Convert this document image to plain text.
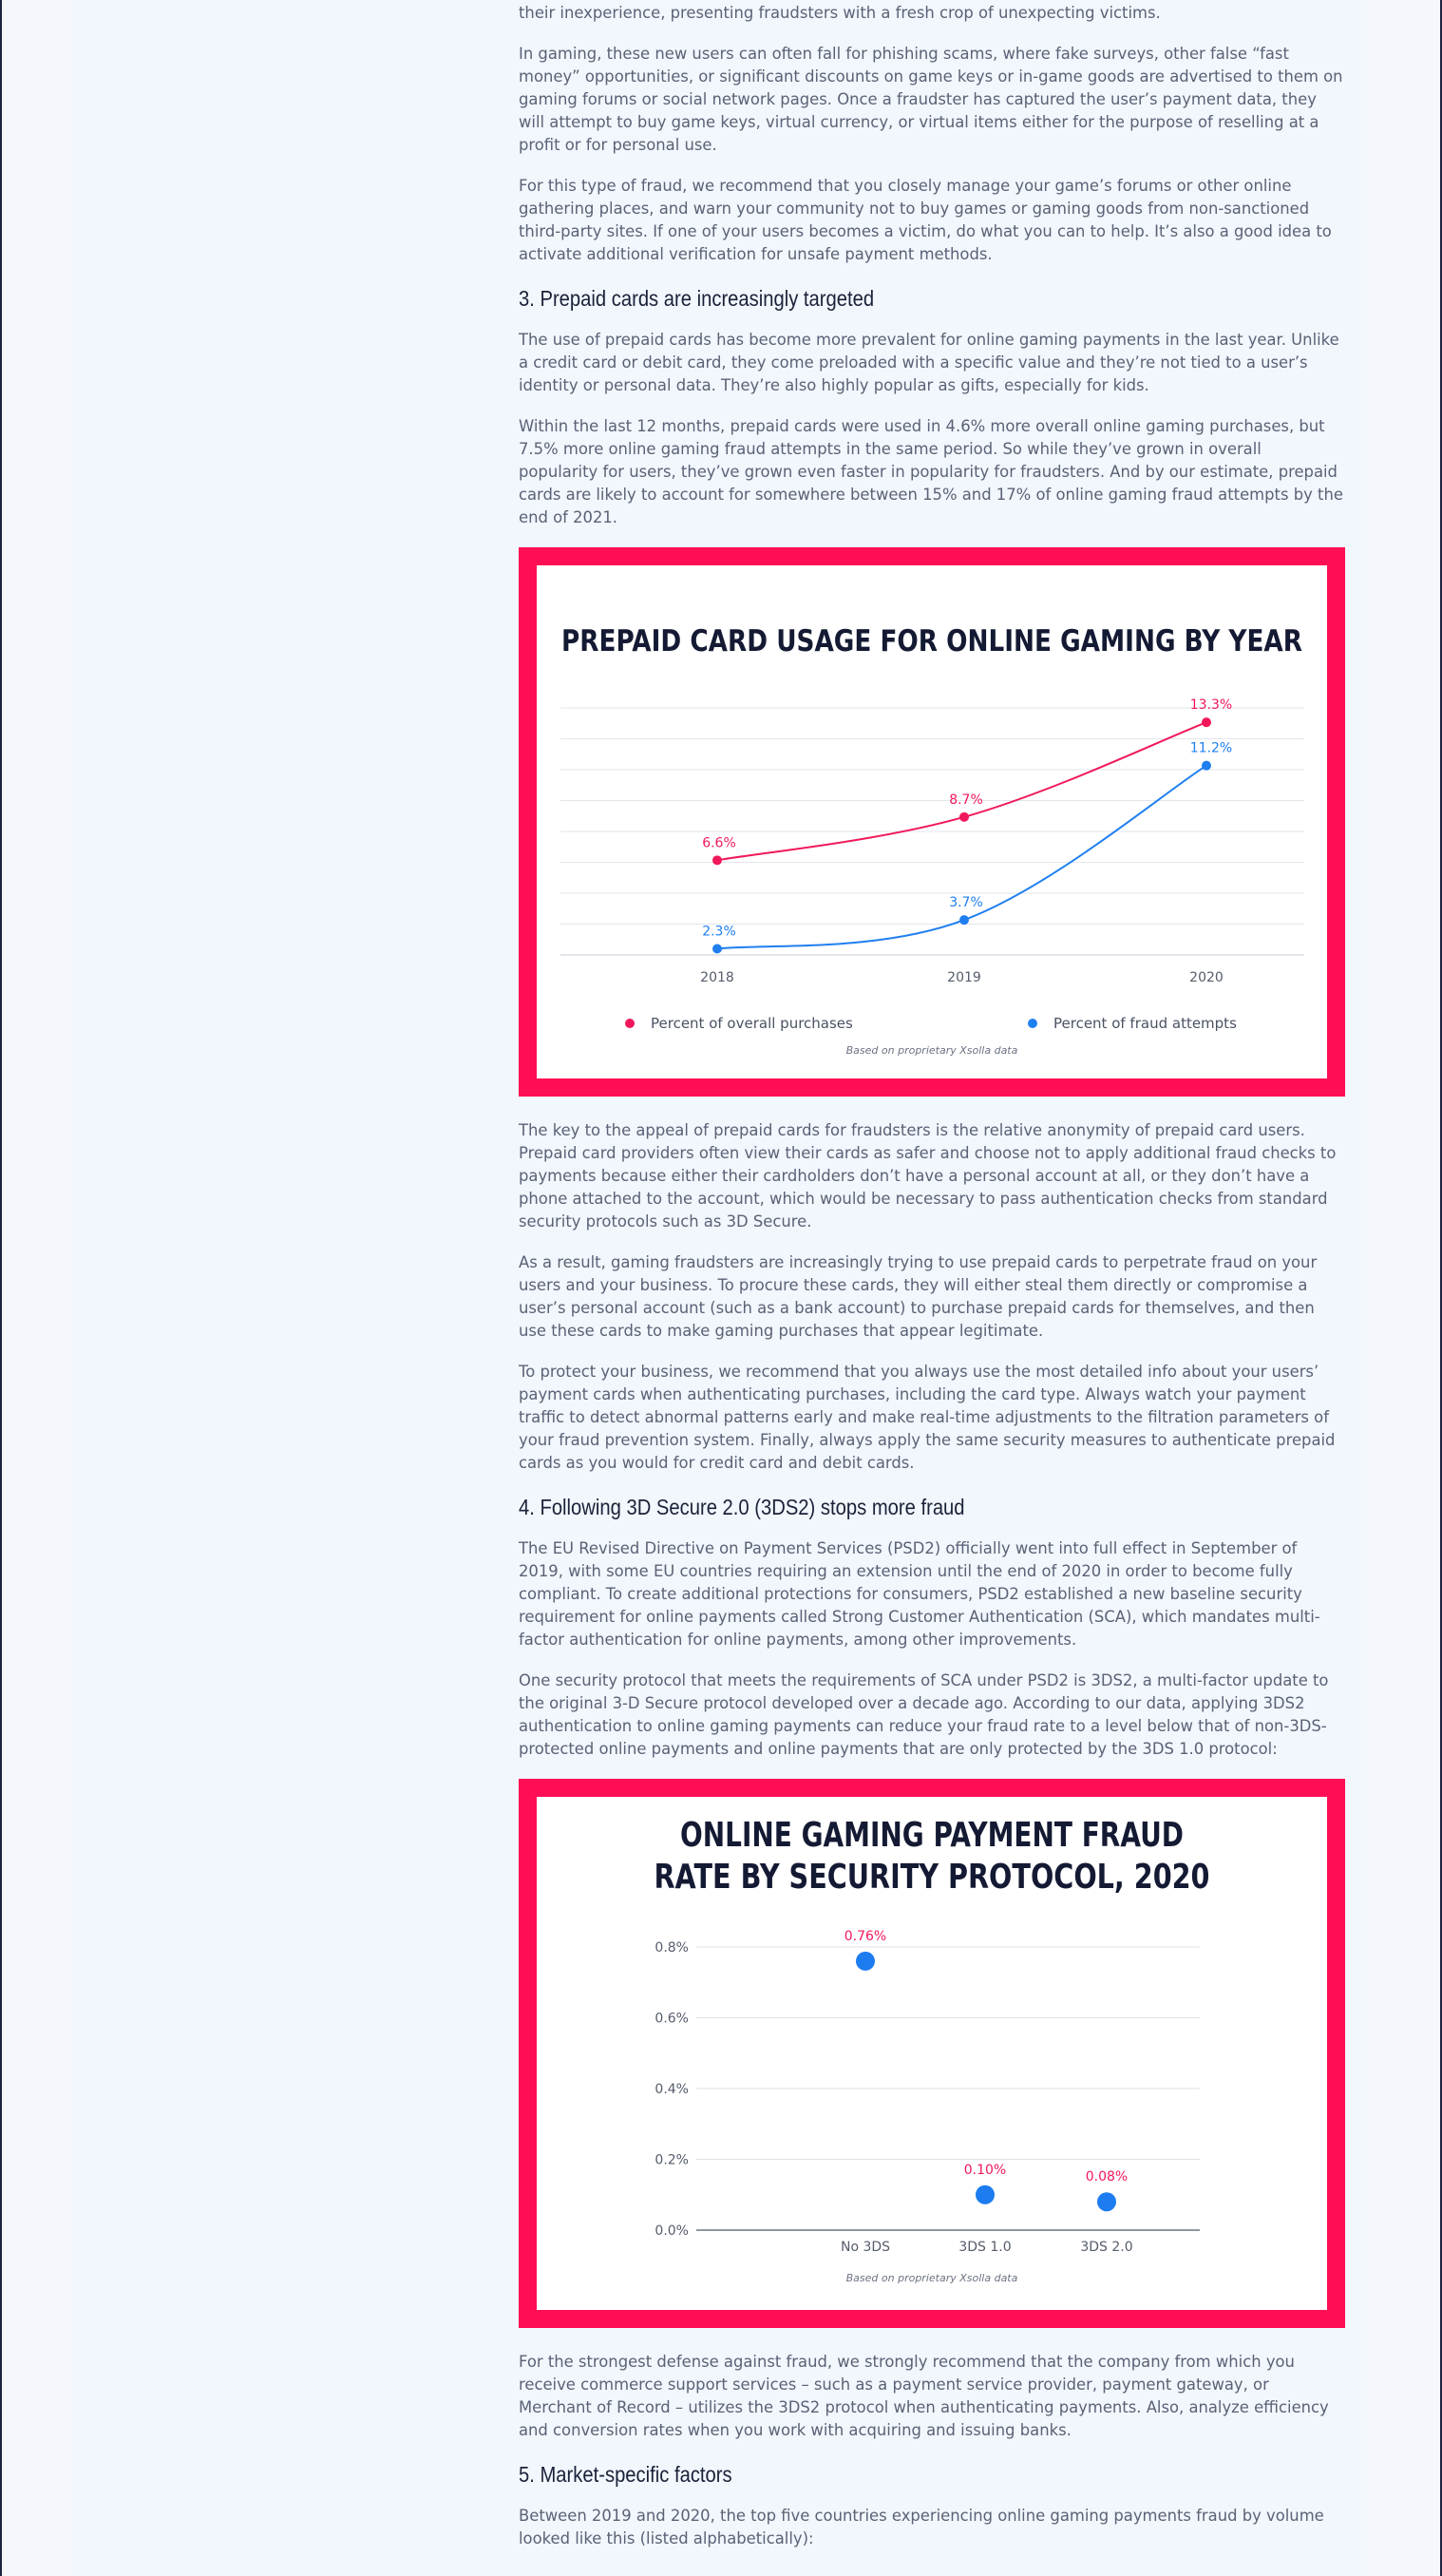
their inexperience, presenting fraudsters with a fresh crop of unexpecting victims.

In gaming, these new users can often fall for phishing scams, where fake surveys, other false “fast money” opportunities, or significant discounts on game keys or in-game goods are advertised to them on gaming forums or social network pages. Once a fraudster has captured the user’s payment data, they will attempt to buy game keys, virtual currency, or virtual items either for the purpose of reselling at a profit or for personal use.

For this type of fraud, we recommend that you closely manage your game’s forums or other online gathering places, and warn your community not to buy games or gaming goods from non-sanctioned third-party sites. If one of your users becomes a victim, do what you can to help. It’s also a good idea to activate additional verification for unsafe payment methods.

3. Prepaid cards are increasingly targeted

The use of prepaid cards has become more prevalent for online gaming payments in the last year. Unlike a credit card or debit card, they come preloaded with a specific value and they’re not tied to a user’s identity or personal data. They’re also highly popular as gifts, especially for kids.

Within the last 12 months, prepaid cards were used in 4.6% more overall online gaming purchases, but 7.5% more online gaming fraud attempts in the same period. So while they’ve grown in overall popularity for users, they’ve grown even faster in popularity for fraudsters. And by our estimate, prepaid cards are likely to account for somewhere between 15% and 17% of online gaming fraud attempts by the end of 2021.

PREPAID CARD USAGE FOR ONLINE GAMING BY YEAR
6.6%
8.7%
13.3%
2.3%
3.7%
11.2%
2018	2019	2020
Percent of overall purchases	Percent of fraud attempts
Based on proprietary Xsolla data

The key to the appeal of prepaid cards for fraudsters is the relative anonymity of prepaid card users. Prepaid card providers often view their cards as safer and choose not to apply additional fraud checks to payments because either their cardholders don’t have a personal account at all, or they don’t have a phone attached to the account, which would be necessary to pass authentication checks from standard security protocols such as 3D Secure.

As a result, gaming fraudsters are increasingly trying to use prepaid cards to perpetrate fraud on your users and your business. To procure these cards, they will either steal them directly or compromise a user’s personal account (such as a bank account) to purchase prepaid cards for themselves, and then use these cards to make gaming purchases that appear legitimate.

To protect your business, we recommend that you always use the most detailed info about your users’ payment cards when authenticating purchases, including the card type. Always watch your payment traffic to detect abnormal patterns early and make real-time adjustments to the filtration parameters of your fraud prevention system. Finally, always apply the same security measures to authenticate prepaid cards as you would for credit card and debit cards.

4. Following 3D Secure 2.0 (3DS2) stops more fraud

The EU Revised Directive on Payment Services (PSD2) officially went into full effect in September of 2019, with some EU countries requiring an extension until the end of 2020 in order to become fully compliant. To create additional protections for consumers, PSD2 established a new baseline security requirement for online payments called Strong Customer Authentication (SCA), which mandates multi-factor authentication for online payments, among other improvements.

One security protocol that meets the requirements of SCA under PSD2 is 3DS2, a multi-factor update to the original 3-D Secure protocol developed over a decade ago. According to our data, applying 3DS2 authentication to online gaming payments can reduce your fraud rate to a level below that of non-3DS-protected online payments and online payments that are only protected by the 3DS 1.0 protocol:

ONLINE GAMING PAYMENT FRAUD
RATE BY SECURITY PROTOCOL, 2020
0.0%
0.2%
0.4%
0.6%
0.8%
0.76%
0.10%	0.08%
No 3DS	3DS 1.0	3DS 2.0
Based on proprietary Xsolla data

For the strongest defense against fraud, we strongly recommend that the company from which you receive commerce support services – such as a payment service provider, payment gateway, or Merchant of Record – utilizes the 3DS2 protocol when authenticating payments. Also, analyze efficiency and conversion rates when you work with acquiring and issuing banks.

5. Market-specific factors

Between 2019 and 2020, the top five countries experiencing online gaming payments fraud by volume looked like this (listed alphabetically):
